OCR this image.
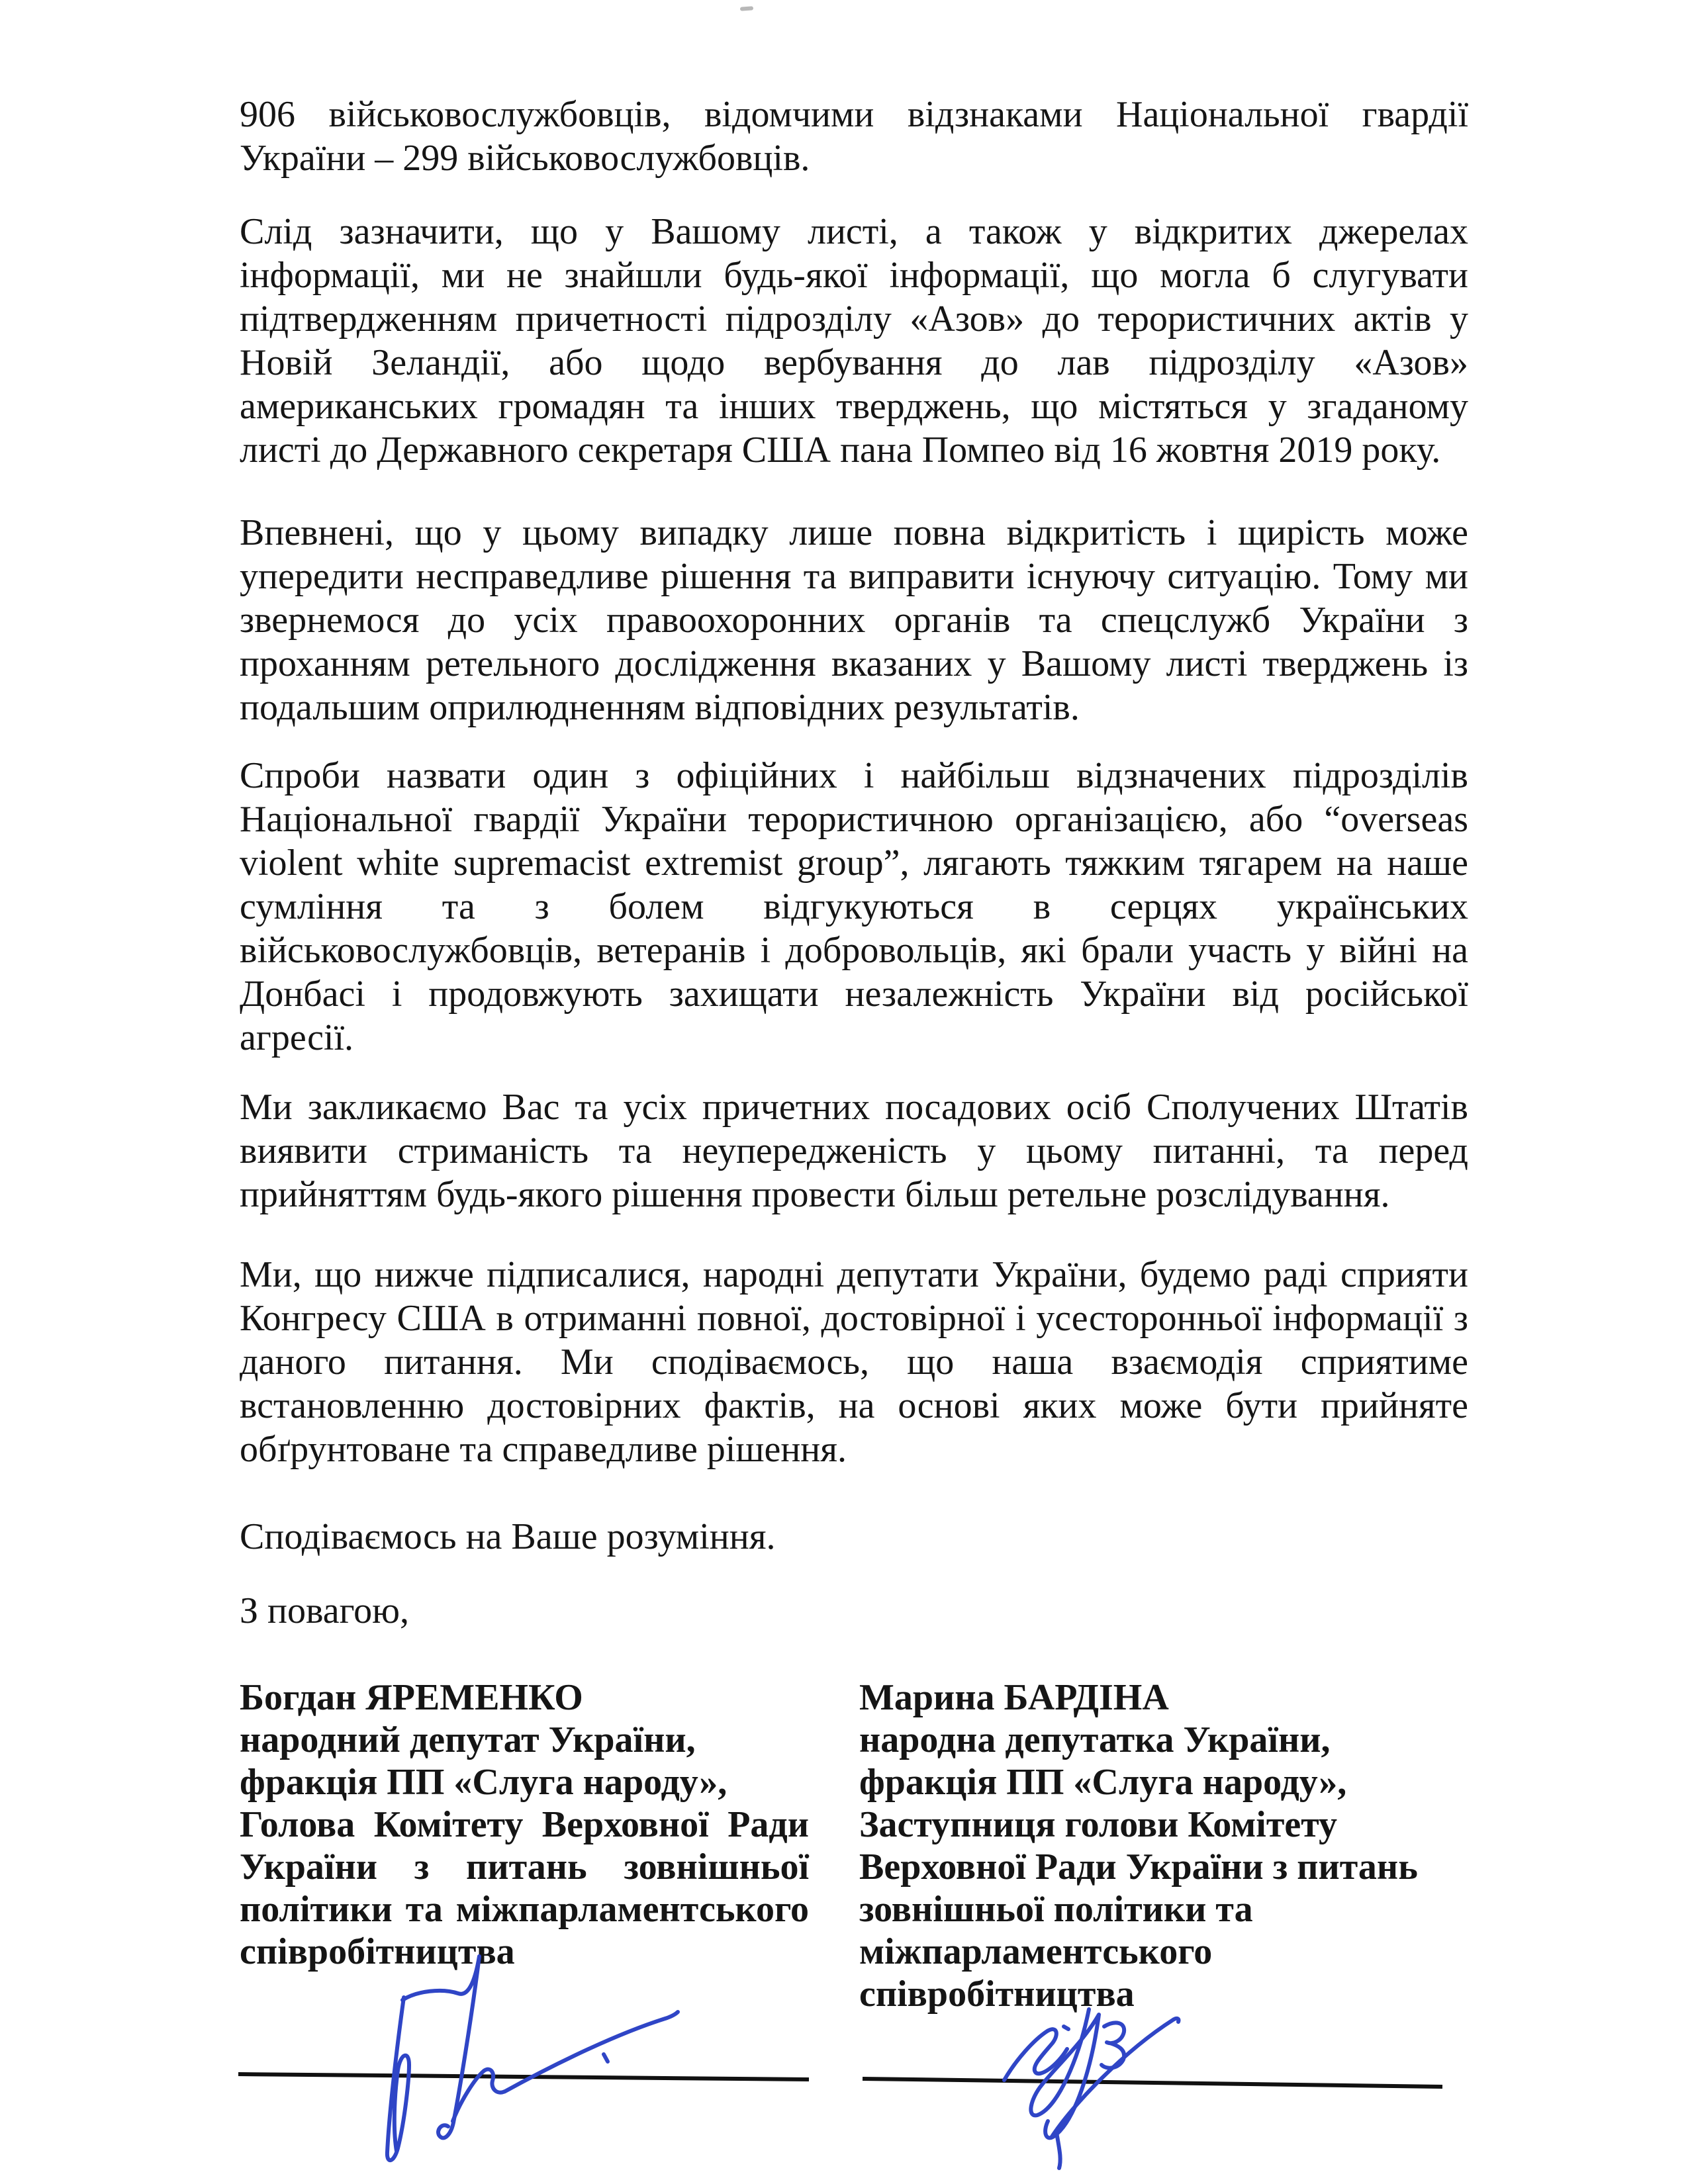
906 військовослужбовців, відомчими відзнаками Національної гвардії України – 299 військовослужбовців.

Слід зазначити, що у Вашому листі, а також у відкритих джерелах інформації, ми не знайшли будь-якої інформації, що могла б слугувати підтвердженням причетності підрозділу «Азов» до терористичних актів у Новій Зеландії, або щодо вербування до лав підрозділу «Азов» американських громадян та інших тверджень, що містяться у згаданому листі до Державного секретаря США пана Помпео від 16 жовтня 2019 року.

Впевнені, що у цьому випадку лише повна відкритість і щирість може упередити несправедливе рішення та виправити існуючу ситуацію. Тому ми звернемося до усіх правоохоронних органів та спецслужб України з проханням ретельного дослідження вказаних у Вашому листі тверджень із подальшим оприлюдненням відповідних результатів.

Спроби назвати один з офіційних і найбільш відзначених підрозділів Національної гвардії України терористичною організацією, або “overseas violent white supremacist extremist group”, лягають тяжким тягарем на наше сумління та з болем відгукуються в серцях українських військовослужбовців, ветеранів і добровольців, які брали участь у війні на Донбасі і продовжують захищати незалежність України від російської агресії.

Ми закликаємо Вас та усіх причетних посадових осіб Сполучених Штатів виявити стриманість та неупередженість у цьому питанні, та перед прийняттям будь-якого рішення провести більш ретельне розслідування.

Ми, що нижче підписалися, народні депутати України, будемо раді сприяти Конгресу США в отриманні повної, достовірної і усесторонньої інформації з даного питання. Ми сподіваємось, що наша взаємодія сприятиме встановленню достовірних фактів, на основі яких може бути прийняте обґрунтоване та справедливе рішення.

Сподіваємось на Ваше розуміння.

З повагою,

Богдан ЯРЕМЕНКО
народний депутат України,
фракція ПП «Слуга народу»,
Голова Комітету Верховної Ради
України з питань зовнішньої
політики та міжпарламентського
співробітництва
Марина БАРДІНА
народна депутатка України,
фракція ПП «Слуга народу»,
Заступниця голови Комітету
Верховної Ради України з питань
зовнішньої політики та
міжпарламентського
співробітництва
